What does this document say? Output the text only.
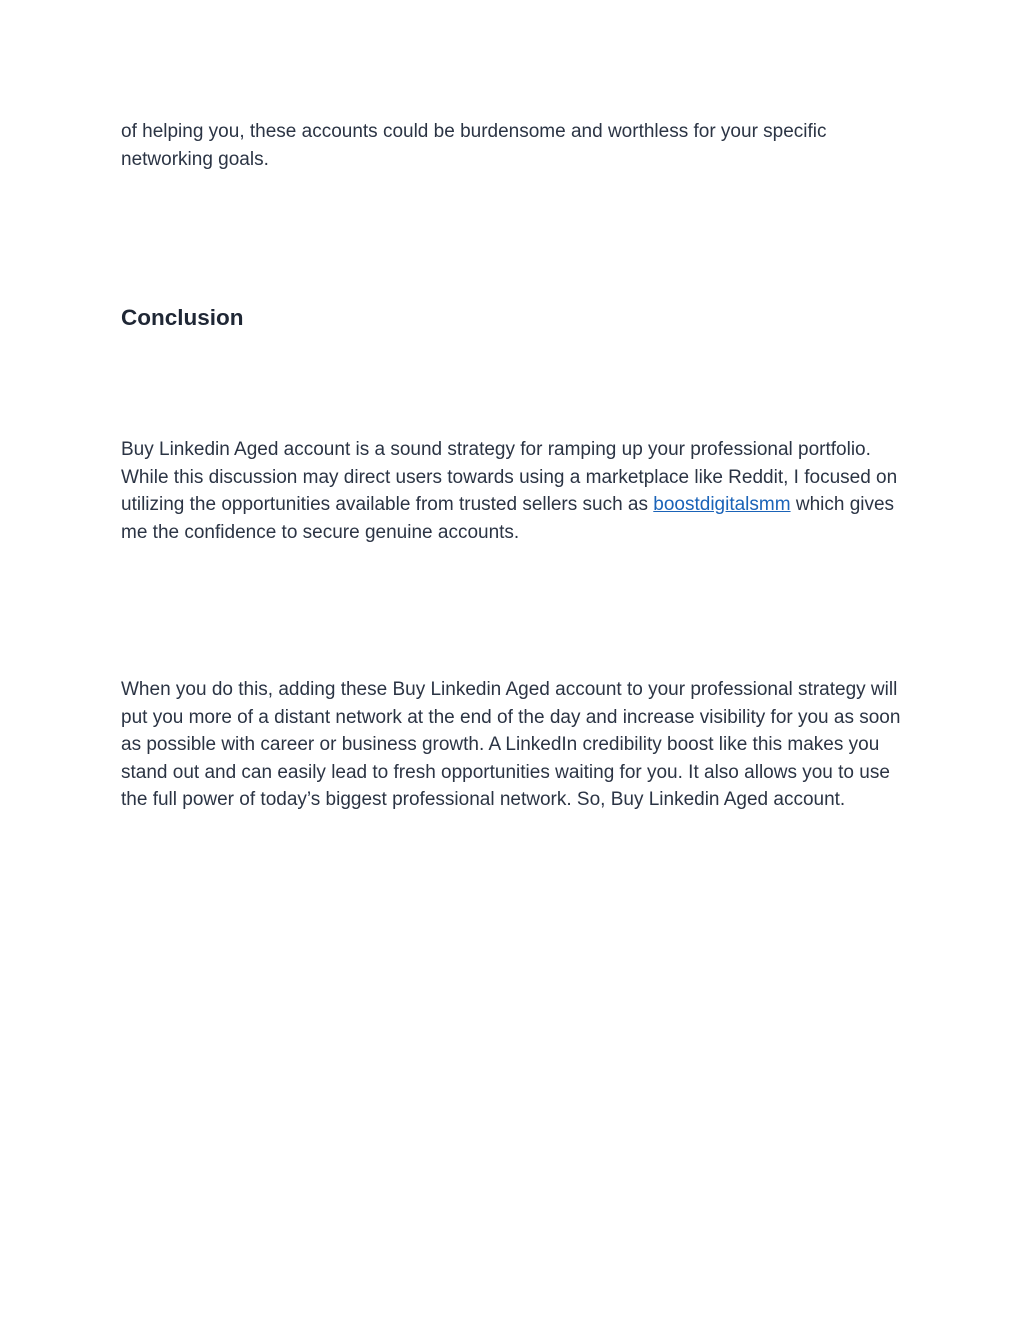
of helping you, these accounts could be burdensome and worthless for your specific networking goals.

Conclusion

Buy Linkedin Aged account is a sound strategy for ramping up your professional portfolio. While this discussion may direct users towards using a marketplace like Reddit, I focused on utilizing the opportunities available from trusted sellers such as boostdigitalsmm which gives me the confidence to secure genuine accounts.

When you do this, adding these Buy Linkedin Aged account to your professional strategy will put you more of a distant network at the end of the day and increase visibility for you as soon as possible with career or business growth. A LinkedIn credibility boost like this makes you stand out and can easily lead to fresh opportunities waiting for you. It also allows you to use the full power of today’s biggest professional network. So, Buy Linkedin Aged account.
